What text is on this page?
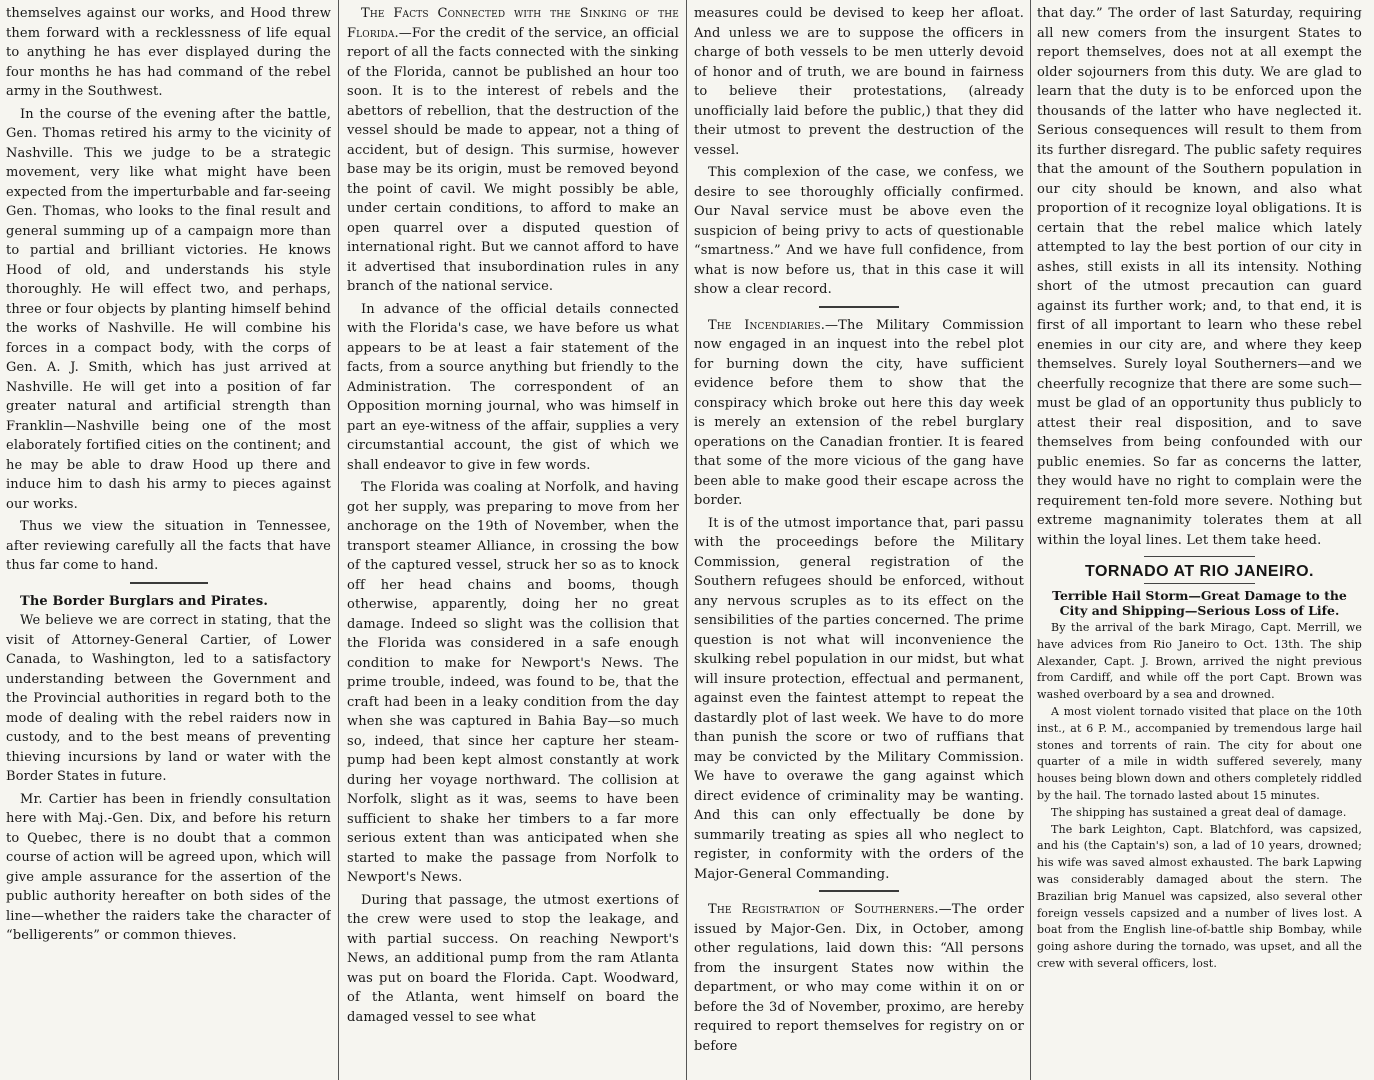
themselves against our works, and Hood threw them forward with a recklessness of life equal to anything he has ever displayed during the four months he has had command of the rebel army in the Southwest.

In the course of the evening after the battle, Gen. Thomas retired his army to the vicinity of Nashville. This we judge to be a strategic movement, very like what might have been expected from the imperturbable and far-seeing Gen. Thomas, who looks to the final result and general summing up of a campaign more than to partial and brilliant victories. He knows Hood of old, and understands his style thoroughly. He will effect two, and perhaps, three or four objects by planting himself behind the works of Nashville. He will combine his forces in a compact body, with the corps of Gen. A. J. Smith, which has just arrived at Nashville. He will get into a position of far greater natural and artificial strength than Franklin—Nashville being one of the most elaborately fortified cities on the continent; and he may be able to draw Hood up there and induce him to dash his army to pieces against our works.

Thus we view the situation in Tennessee, after reviewing carefully all the facts that have thus far come to hand.

The Border Burglars and Pirates.

We believe we are correct in stating, that the visit of Attorney-General Cartier, of Lower Canada, to Washington, led to a satisfactory understanding between the Government and the Provincial authorities in regard both to the mode of dealing with the rebel raiders now in custody, and to the best means of preventing thieving incursions by land or water with the Border States in future.

Mr. Cartier has been in friendly consultation here with Maj.-Gen. Dix, and before his return to Quebec, there is no doubt that a common course of action will be agreed upon, which will give ample assurance for the assertion of the public authority hereafter on both sides of the line—whether the raiders take the character of “belligerents” or common thieves.

The Facts Connected with the Sinking of the Florida.—For the credit of the service, an official report of all the facts connected with the sinking of the Florida, cannot be published an hour too soon. It is to the interest of rebels and the abettors of rebellion, that the destruction of the vessel should be made to appear, not a thing of accident, but of design. This surmise, however base may be its origin, must be removed beyond the point of cavil. We might possibly be able, under certain conditions, to afford to make an open quarrel over a disputed question of international right. But we cannot afford to have it advertised that insubordination rules in any branch of the national service.

In advance of the official details connected with the Florida's case, we have before us what appears to be at least a fair statement of the facts, from a source anything but friendly to the Administration. The correspondent of an Opposition morning journal, who was himself in part an eye-witness of the affair, supplies a very circumstantial account, the gist of which we shall endeavor to give in few words.

The Florida was coaling at Norfolk, and having got her supply, was preparing to move from her anchorage on the 19th of November, when the transport steamer Alliance, in crossing the bow of the captured vessel, struck her so as to knock off her head chains and booms, though otherwise, apparently, doing her no great damage. Indeed so slight was the collision that the Florida was considered in a safe enough condition to make for Newport's News. The prime trouble, indeed, was found to be, that the craft had been in a leaky condition from the day when she was captured in Bahia Bay—so much so, indeed, that since her capture her steam-pump had been kept almost constantly at work during her voyage northward. The collision at Norfolk, slight as it was, seems to have been sufficient to shake her timbers to a far more serious extent than was anticipated when she started to make the passage from Norfolk to Newport's News.

During that passage, the utmost exertions of the crew were used to stop the leakage, and with partial success. On reaching Newport's News, an additional pump from the ram Atlanta was put on board the Florida. Capt. Woodward, of the Atlanta, went himself on board the damaged vessel to see what

measures could be devised to keep her afloat. And unless we are to suppose the officers in charge of both vessels to be men utterly devoid of honor and of truth, we are bound in fairness to believe their protestations, (already unofficially laid before the public,) that they did their utmost to prevent the destruction of the vessel.

This complexion of the case, we confess, we desire to see thoroughly officially confirmed. Our Naval service must be above even the suspicion of being privy to acts of questionable “smartness.” And we have full confidence, from what is now before us, that in this case it will show a clear record.

The Incendiaries.—The Military Commission now engaged in an inquest into the rebel plot for burning down the city, have sufficient evidence before them to show that the conspiracy which broke out here this day week is merely an extension of the rebel burglary operations on the Canadian frontier. It is feared that some of the more vicious of the gang have been able to make good their escape across the border.

It is of the utmost importance that, pari passu with the proceedings before the Military Commission, general registration of the Southern refugees should be enforced, without any nervous scruples as to its effect on the sensibilities of the parties concerned. The prime question is not what will inconvenience the skulking rebel population in our midst, but what will insure protection, effectual and permanent, against even the faintest attempt to repeat the dastardly plot of last week. We have to do more than punish the score or two of ruffians that may be convicted by the Military Commission. We have to overawe the gang against which direct evidence of criminality may be wanting. And this can only effectually be done by summarily treating as spies all who neglect to register, in conformity with the orders of the Major-General Commanding.

The Registration of Southerners.—The order issued by Major-Gen. Dix, in October, among other regulations, laid down this: “All persons from the insurgent States now within the department, or who may come within it on or before the 3d of November, proximo, are hereby required to report themselves for registry on or before

that day.” The order of last Saturday, requiring all new comers from the insurgent States to report themselves, does not at all exempt the older sojourners from this duty. We are glad to learn that the duty is to be enforced upon the thousands of the latter who have neglected it. Serious consequences will result to them from its further disregard. The public safety requires that the amount of the Southern population in our city should be known, and also what proportion of it recognize loyal obligations. It is certain that the rebel malice which lately attempted to lay the best portion of our city in ashes, still exists in all its intensity. Nothing short of the utmost precaution can guard against its further work; and, to that end, it is first of all important to learn who these rebel enemies in our city are, and where they keep themselves. Surely loyal Southerners—and we cheerfully recognize that there are some such—must be glad of an opportunity thus publicly to attest their real disposition, and to save themselves from being confounded with our public enemies. So far as concerns the latter, they would have no right to complain were the requirement ten-fold more severe. Nothing but extreme magnanimity tolerates them at all within the loyal lines. Let them take heed.

TORNADO AT RIO JANEIRO.
Terrible Hail Storm—Great Damage to the City and Shipping—Serious Loss of Life.

By the arrival of the bark Mirago, Capt. Merrill, we have advices from Rio Janeiro to Oct. 13th. The ship Alexander, Capt. J. Brown, arrived the night previous from Cardiff, and while off the port Capt. Brown was washed overboard by a sea and drowned.

A most violent tornado visited that place on the 10th inst., at 6 P. M., accompanied by tremendous large hail stones and torrents of rain. The city for about one quarter of a mile in width suffered severely, many houses being blown down and others completely riddled by the hail. The tornado lasted about 15 minutes.

The shipping has sustained a great deal of damage.

The bark Leighton, Capt. Blatchford, was capsized, and his (the Captain's) son, a lad of 10 years, drowned; his wife was saved almost exhausted. The bark Lapwing was considerably damaged about the stern. The Brazilian brig Manuel was capsized, also several other foreign vessels capsized and a number of lives lost. A boat from the English line-of-battle ship Bombay, while going ashore during the tornado, was upset, and all the crew with several officers, lost.
